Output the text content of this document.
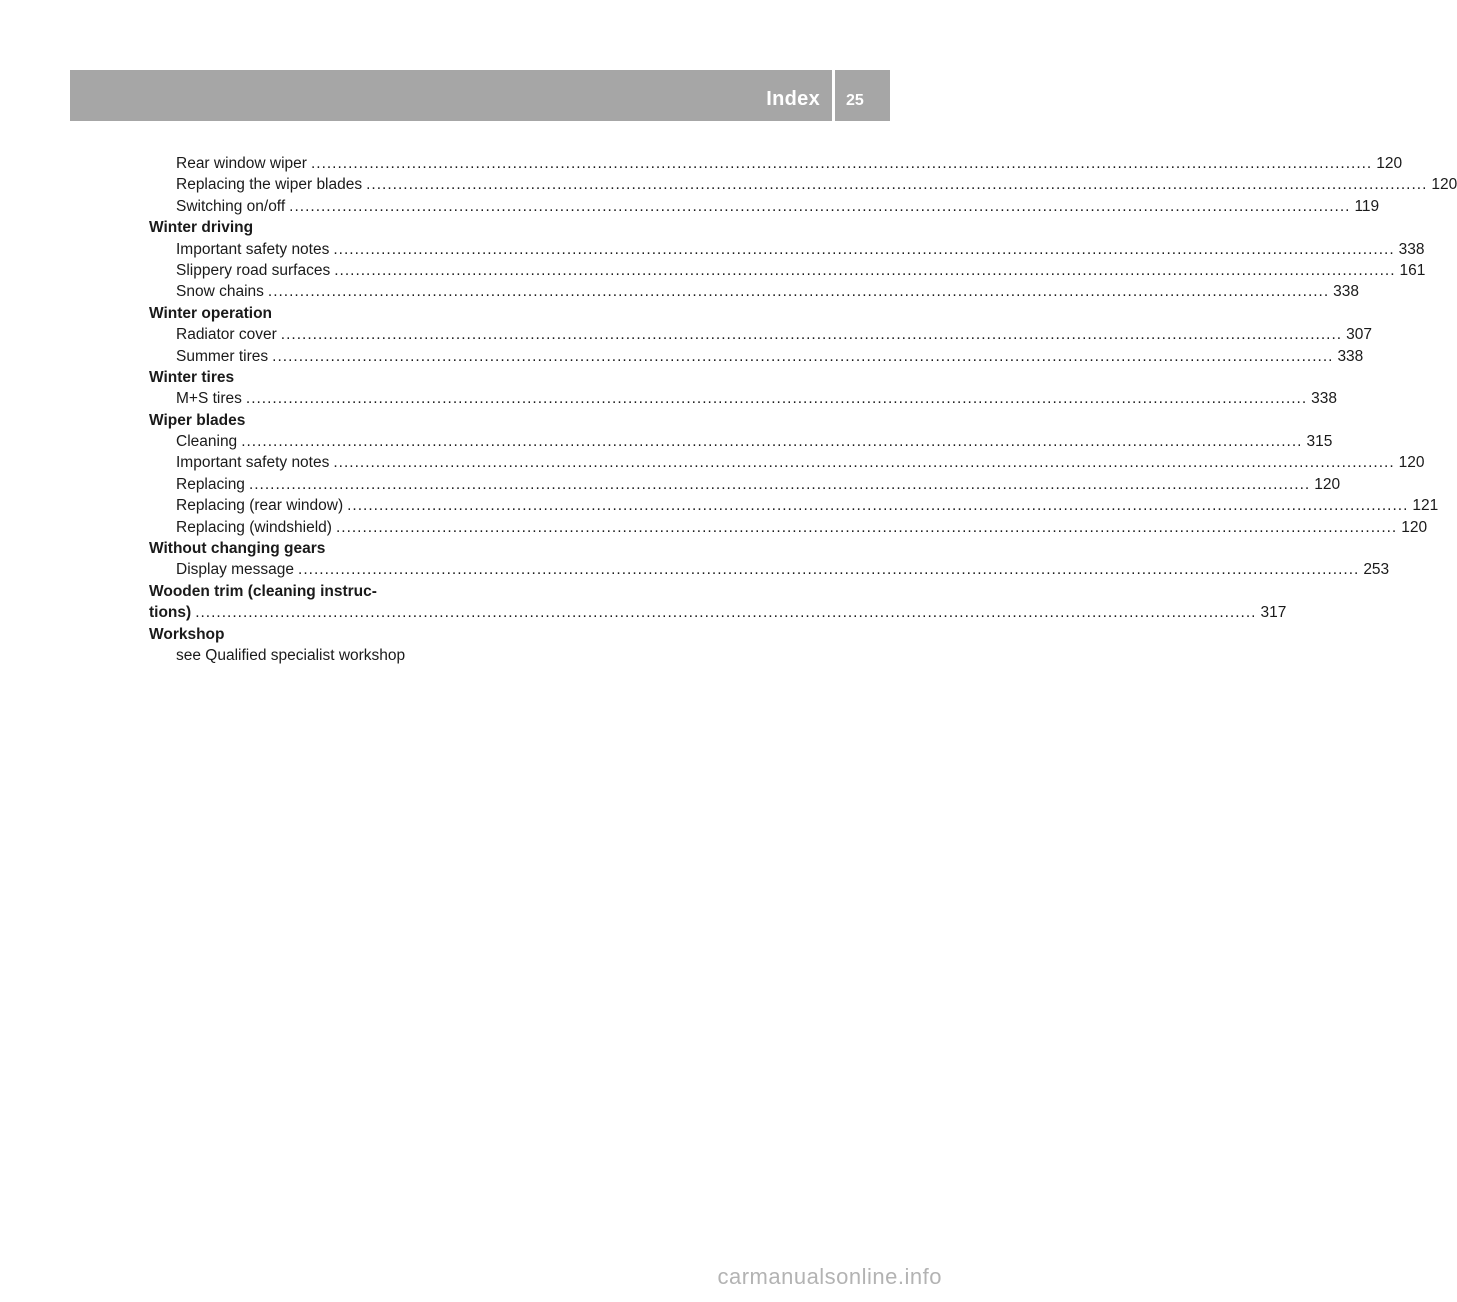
Index 25
Rear window wiper ........................................................................................................................................................................................................ 120
Replacing the wiper blades ........................................................................................................................................................................................................ 120
Switching on/off ........................................................................................................................................................................................................ 119
Winter driving
Important safety notes ........................................................................................................................................................................................................ 338
Slippery road surfaces ........................................................................................................................................................................................................ 161
Snow chains ........................................................................................................................................................................................................ 338
Winter operation
Radiator cover ........................................................................................................................................................................................................ 307
Summer tires ........................................................................................................................................................................................................ 338
Winter tires
M+S tires ........................................................................................................................................................................................................ 338
Wiper blades
Cleaning ........................................................................................................................................................................................................ 315
Important safety notes ........................................................................................................................................................................................................ 120
Replacing ........................................................................................................................................................................................................ 120
Replacing (rear window) ........................................................................................................................................................................................................ 121
Replacing (windshield) ........................................................................................................................................................................................................ 120
Without changing gears
Display message ........................................................................................................................................................................................................ 253
Wooden trim (cleaning instruc-
tions) ........................................................................................................................................................................................................ 317
Workshop
see Qualified specialist workshop
carmanualsonline.info
